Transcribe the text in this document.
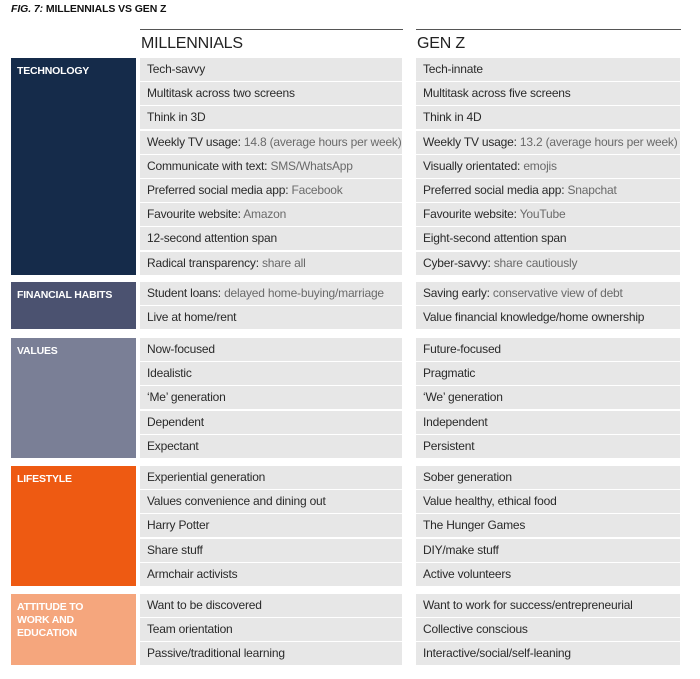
FIG. 7: MILLENNIALS VS GEN Z
MILLENNIALS	GEN Z
TECHNOLOGY	Tech-savvy	Tech-innate
Multitask across two screens	Multitask across five screens
Think in 3D	Think in 4D
Weekly TV usage: 14.8 (average hours per week)	Weekly TV usage: 13.2 (average hours per week)
Communicate with text: SMS/WhatsApp	Visually orientated: emojis
Preferred social media app: Facebook	Preferred social media app: Snapchat
Favourite website: Amazon	Favourite website: YouTube
12-second attention span	Eight-second attention span
Radical transparency: share all	Cyber-savvy: share cautiously
FINANCIAL HABITS	Student loans: delayed home-buying/marriage	Saving early: conservative view of debt
Live at home/rent	Value financial knowledge/home ownership
VALUES	Now-focused	Future-focused
Idealistic	Pragmatic
‘Me’ generation	‘We’ generation
Dependent	Independent
Expectant	Persistent
LIFESTYLE	Experiential generation	Sober generation
Values convenience and dining out	Value healthy, ethical food
Harry Potter	The Hunger Games
Share stuff	DIY/make stuff
Armchair activists	Active volunteers
ATTITUDE TO WORK AND EDUCATION
Want to be discovered	Want to work for success/entrepreneurial
Team orientation	Collective conscious
Passive/traditional learning	Interactive/social/self-leaning
